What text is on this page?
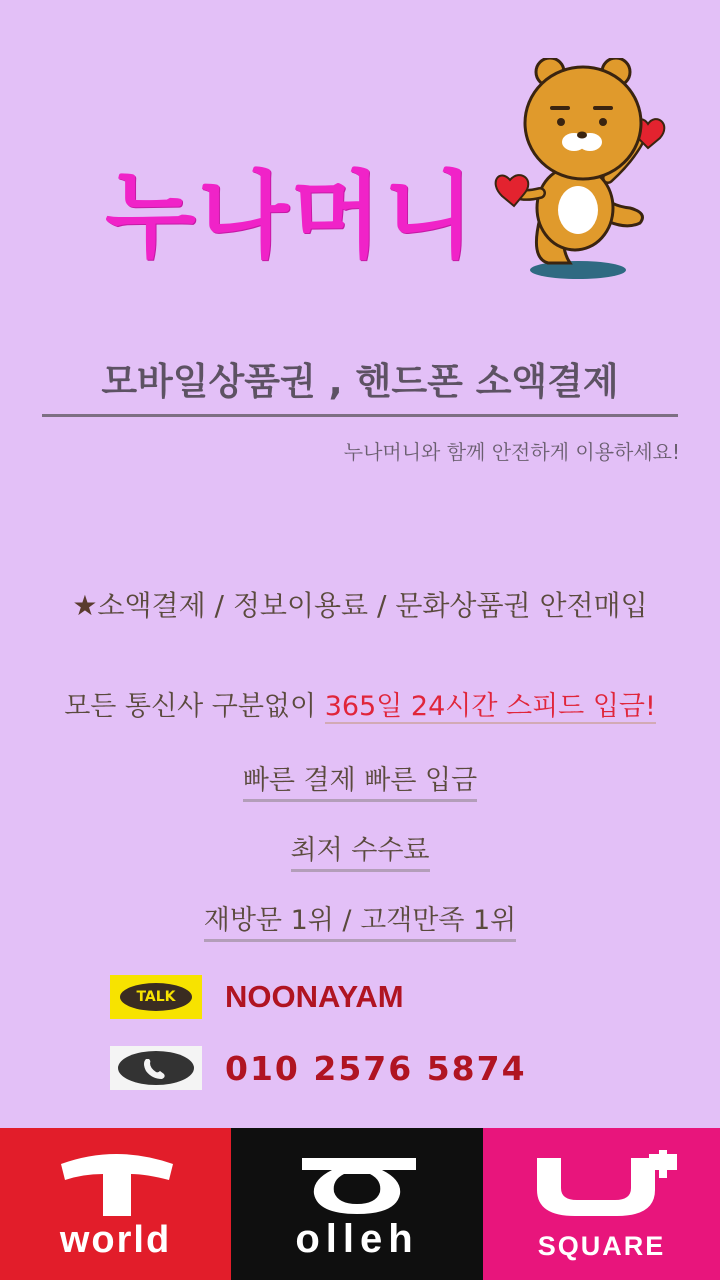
누나머니
모바일상품권 , 핸드폰 소액결제
누나머니와 함께 안전하게 이용하세요!
★소액결제 / 정보이용료 / 문화상품권 안전매입
모든 통신사 구분없이 365일 24시간 스피드 입금!
빠른 결제 빠른 입금
최저 수수료
재방문 1위 / 고객만족 1위
TALK	NOONAYAM
010 2576 5874
world	olleh	SQUARE
